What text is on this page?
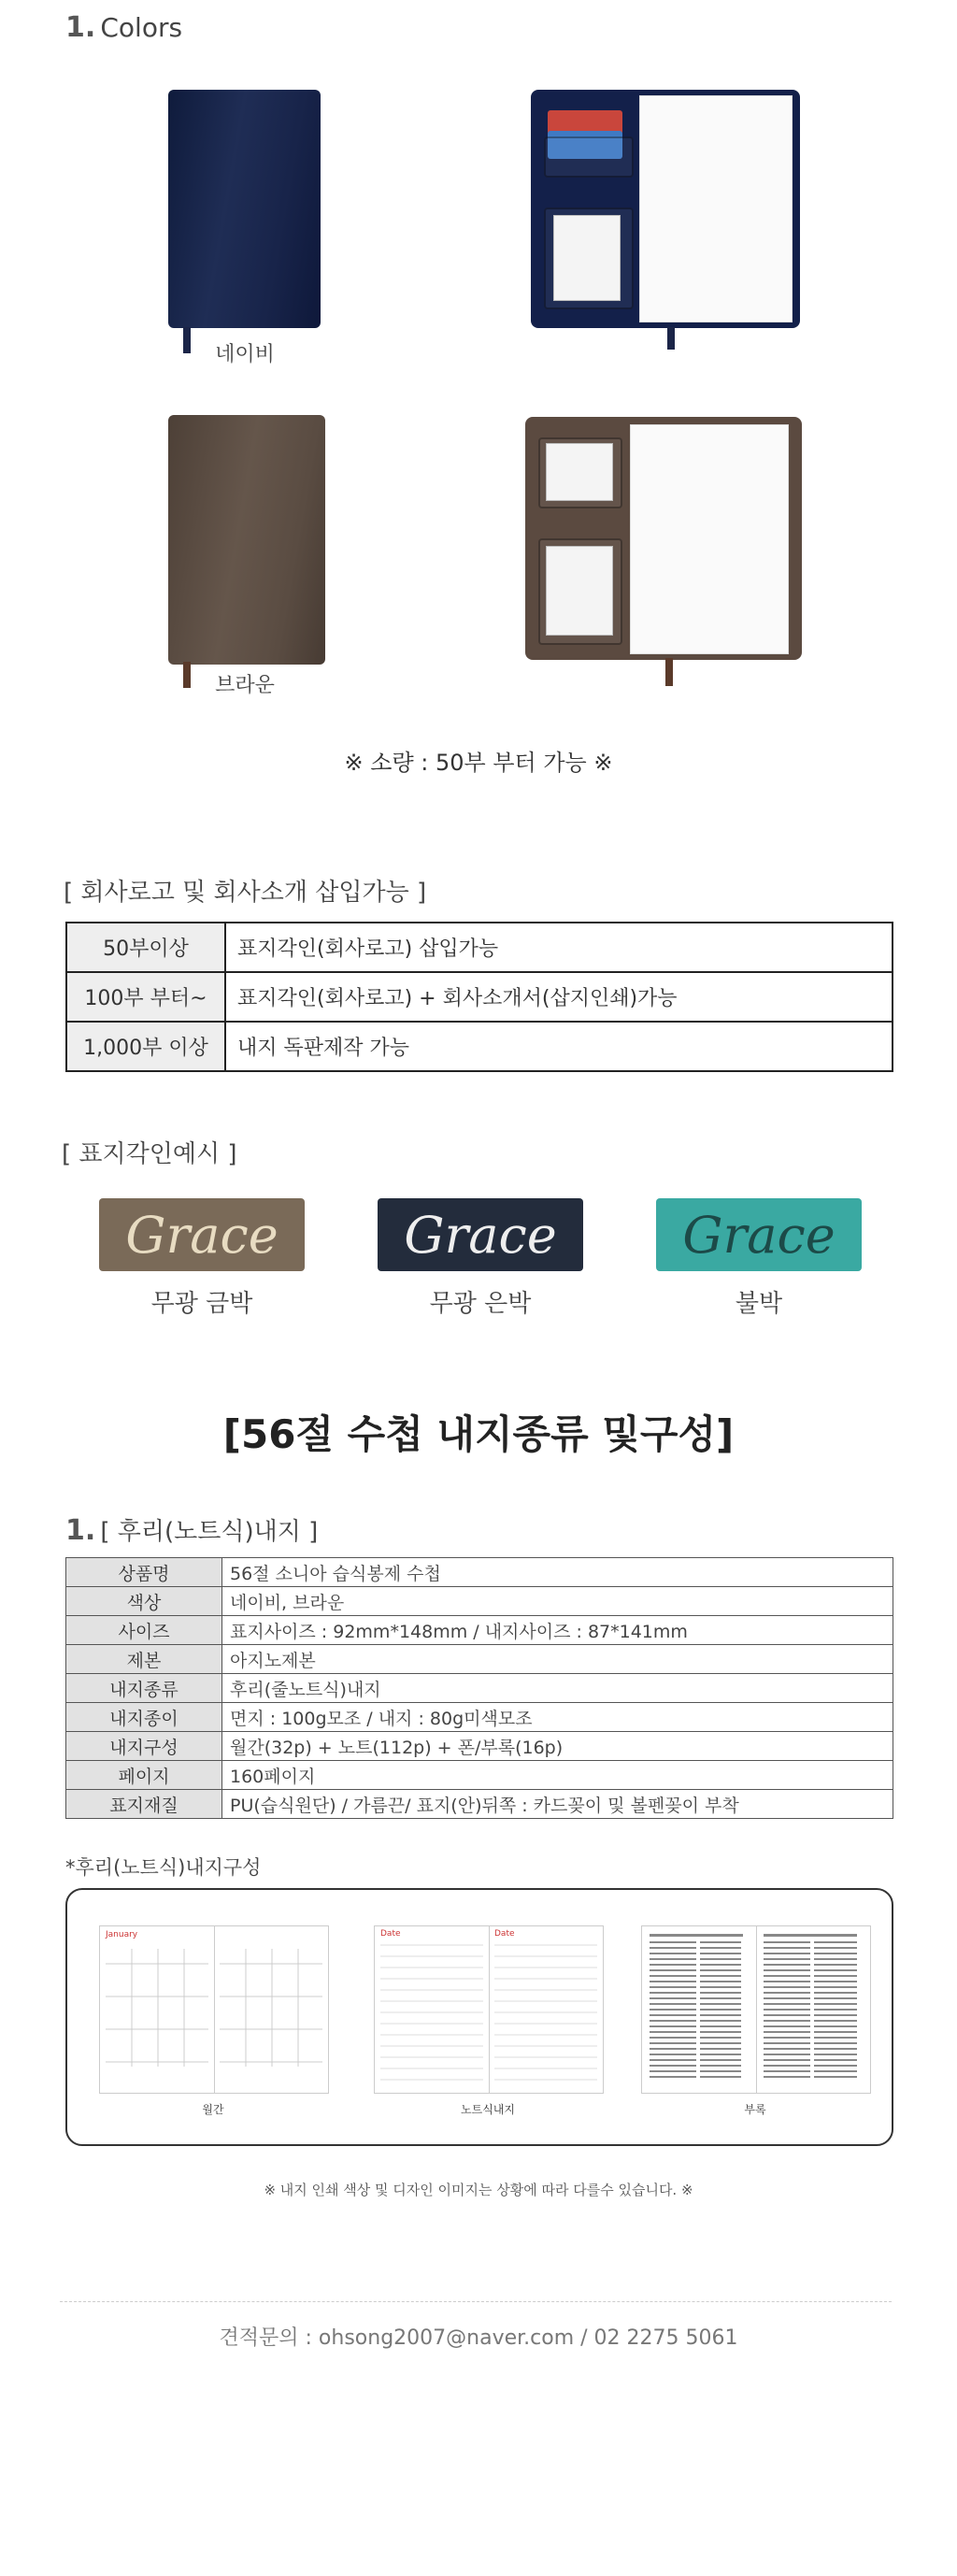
1. Colors
네이비
브라운
※ 소량 : 50부 부터 가능 ※
[ 회사로고 및 회사소개 삽입가능 ]
50부이상	표지각인(회사로고) 삽입가능
100부 부터~	표지각인(회사로고) + 회사소개서(삽지인쇄)가능
1,000부 이상	내지 독판제작 가능
[ 표지각인예시 ]
Grace
무광 금박
Grace
무광 은박
Grace
불박
[56절 수첩 내지종류 및구성]
1. [ 후리(노트식)내지 ]
상품명	56절 소니아 습식봉제 수첩
색상	네이비, 브라운
사이즈	표지사이즈 : 92mm*148mm / 내지사이즈 : 87*141mm
제본	아지노제본
내지종류	후리(줄노트식)내지
내지종이	면지 : 100g모조 / 내지 : 80g미색모조
내지구성	월간(32p) + 노트(112p) + 폰/부록(16p)
페이지	160페이지
표지재질	PU(습식원단) / 가름끈/ 표지(안)뒤쪽 : 카드꽂이 및 볼펜꽂이 부착
*후리(노트식)내지구성
January
월간
Date	Date
노트식내지	부록
※ 내지 인쇄 색상 및 디자인 이미지는 상황에 따라 다를수 있습니다. ※
견적문의 : ohsong2007@naver.com / 02 2275 5061
